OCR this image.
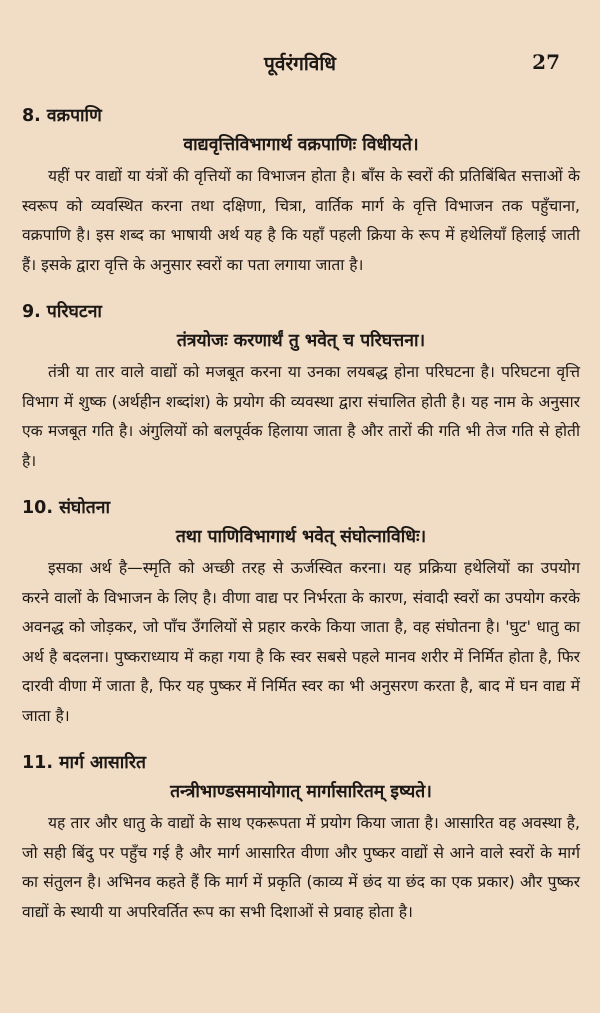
पूर्वरंगविधि	27

8. वक्रपाणि

वाद्यवृत्तिविभागार्थ वक्रपाणिः विधीयते।

यहीं पर वाद्यों या यंत्रों की वृत्तियों का विभाजन होता है। बाँस के स्वरों की प्रतिबिंबित सत्ताओं के स्वरूप को व्यवस्थित करना तथा दक्षिणा, चित्रा, वार्तिक मार्ग के वृत्ति विभाजन तक पहुँचाना, वक्रपाणि है। इस शब्द का भाषायी अर्थ यह है कि यहाँ पहली क्रिया के रूप में हथेलियाँ हिलाई जाती हैं। इसके द्वारा वृत्ति के अनुसार स्वरों का पता लगाया जाता है।

9. परिघटना

तंत्रयोजः करणार्थं तु भवेत् च परिघत्तना।

तंत्री या तार वाले वाद्यों को मजबूत करना या उनका लयबद्ध होना परिघटना है। परिघटना वृत्ति विभाग में शुष्क (अर्थहीन शब्दांश) के प्रयोग की व्यवस्था द्वारा संचालित होती है। यह नाम के अनुसार एक मजबूत गति है। अंगुलियों को बलपूर्वक हिलाया जाता है और तारों की गति भी तेज गति से होती है।

10. संघोतना

तथा पाणिविभागार्थ भवेत् संघोत्नाविधिः।

इसका अर्थ है—स्मृति को अच्छी तरह से ऊर्जस्वित करना। यह प्रक्रिया हथेलियों का उपयोग करने वालों के विभाजन के लिए है। वीणा वाद्य पर निर्भरता के कारण, संवादी स्वरों का उपयोग करके अवनद्ध को जोड़कर, जो पाँच उँगलियों से प्रहार करके किया जाता है, वह संघोतना है। 'घुट' धातु का अर्थ है बदलना। पुष्कराध्याय में कहा गया है कि स्वर सबसे पहले मानव शरीर में निर्मित होता है, फिर दारवी वीणा में जाता है, फिर यह पुष्कर में निर्मित स्वर का भी अनुसरण करता है, बाद में घन वाद्य में जाता है।

11. मार्ग आसारित

तन्त्रीभाण्डसमायोगात् मार्गासारितम् इष्यते।

यह तार और धातु के वाद्यों के साथ एकरूपता में प्रयोग किया जाता है। आसारित वह अवस्था है, जो सही बिंदु पर पहुँच गई है और मार्ग आसारित वीणा और पुष्कर वाद्यों से आने वाले स्वरों के मार्ग का संतुलन है। अभिनव कहते हैं कि मार्ग में प्रकृति (काव्य में छंद या छंद का एक प्रकार) और पुष्कर वाद्यों के स्थायी या अपरिवर्तित रूप का सभी दिशाओं से प्रवाह होता है।
